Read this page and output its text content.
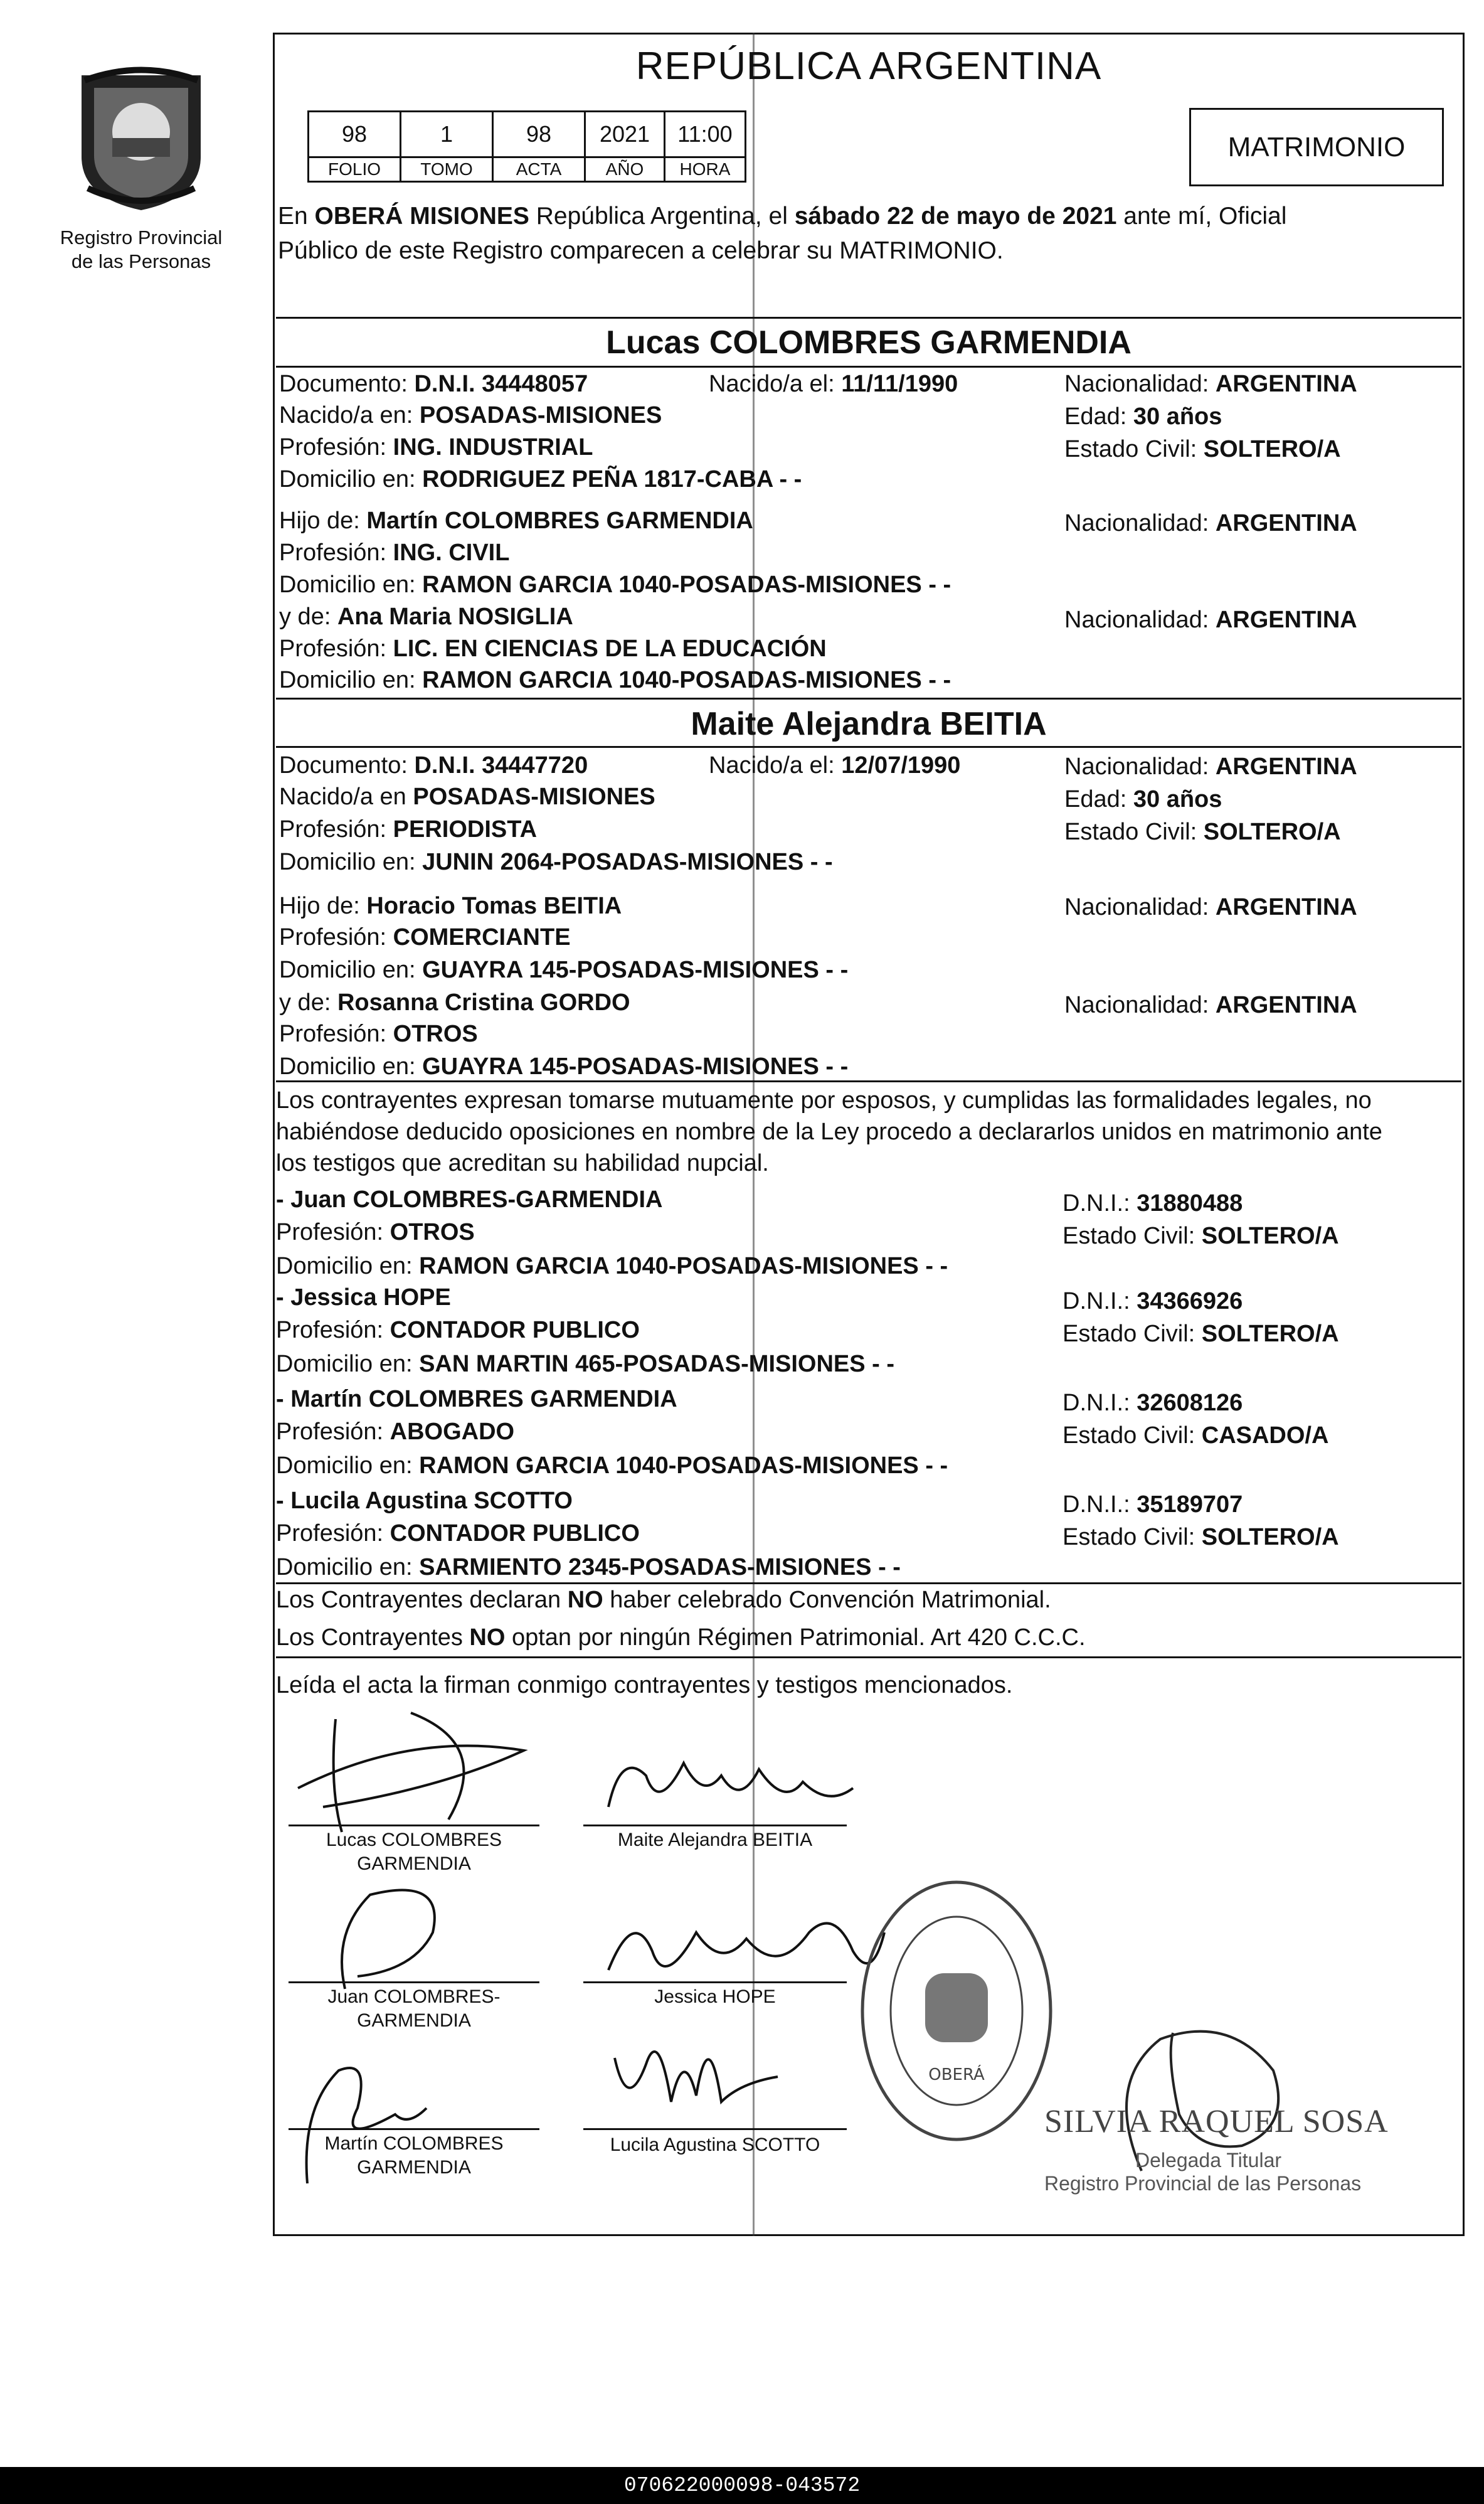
Registro Provincial
de las Personas
REPÚBLICA ARGENTINA
98	1	98	2021	11:00
FOLIO	TOMO	ACTA	AÑO	HORA
MATRIMONIO
En OBERÁ MISIONES República Argentina, el sábado 22 de mayo de 2021 ante mí, Oficial
Público de este Registro comparecen a celebrar su MATRIMONIO.
Lucas COLOMBRES GARMENDIA
Documento: D.N.I. 34448057	Nacido/a el: 11/11/1990	Nacionalidad: ARGENTINA
Nacido/a en: POSADAS-MISIONES	Edad: 30 años
Profesión: ING. INDUSTRIAL	Estado Civil: SOLTERO/A
Domicilio en: RODRIGUEZ PEÑA 1817-CABA - -
Hijo de: Martín COLOMBRES GARMENDIA	Nacionalidad: ARGENTINA
Profesión: ING. CIVIL
Domicilio en: RAMON GARCIA 1040-POSADAS-MISIONES - -
y de: Ana Maria NOSIGLIA	Nacionalidad: ARGENTINA
Profesión: LIC. EN CIENCIAS DE LA EDUCACIÓN
Domicilio en: RAMON GARCIA 1040-POSADAS-MISIONES - -
Maite Alejandra BEITIA
Documento: D.N.I. 34447720	Nacido/a el: 12/07/1990	Nacionalidad: ARGENTINA
Nacido/a en POSADAS-MISIONES	Edad: 30 años
Profesión: PERIODISTA	Estado Civil: SOLTERO/A
Domicilio en: JUNIN 2064-POSADAS-MISIONES - -
Hijo de: Horacio Tomas BEITIA	Nacionalidad: ARGENTINA
Profesión: COMERCIANTE
Domicilio en: GUAYRA 145-POSADAS-MISIONES - -
y de: Rosanna Cristina GORDO	Nacionalidad: ARGENTINA
Profesión: OTROS
Domicilio en: GUAYRA 145-POSADAS-MISIONES - -
Los contrayentes expresan tomarse mutuamente por esposos, y cumplidas las formalidades legales, no
habiéndose deducido oposiciones en nombre de la Ley procedo a declararlos unidos en matrimonio ante
los testigos que acreditan su habilidad nupcial.
- Juan COLOMBRES-GARMENDIA	D.N.I.: 31880488
Profesión: OTROS	Estado Civil: SOLTERO/A
Domicilio en: RAMON GARCIA 1040-POSADAS-MISIONES - -
- Jessica HOPE	D.N.I.: 34366926
Profesión: CONTADOR PUBLICO	Estado Civil: SOLTERO/A
Domicilio en: SAN MARTIN 465-POSADAS-MISIONES - -
- Martín COLOMBRES GARMENDIA	D.N.I.: 32608126
Profesión: ABOGADO	Estado Civil: CASADO/A
Domicilio en: RAMON GARCIA 1040-POSADAS-MISIONES - -
- Lucila Agustina SCOTTO	D.N.I.: 35189707
Profesión: CONTADOR PUBLICO	Estado Civil: SOLTERO/A
Domicilio en: SARMIENTO 2345-POSADAS-MISIONES - -
Los Contrayentes declaran NO haber celebrado Convención Matrimonial.
Los Contrayentes NO optan por ningún Régimen Patrimonial. Art 420 C.C.C.
Leída el acta la firman conmigo contrayentes y testigos mencionados.
Lucas COLOMBRES
GARMENDIA
Maite Alejandra BEITIA
Juan COLOMBRES-
GARMENDIA
Jessica HOPE
Martín COLOMBRES
GARMENDIA
Lucila Agustina SCOTTO
OBERÁ
SILVIA RAQUEL SOSA
Delegada Titular
Registro Provincial de las Personas
070622000098-043572
